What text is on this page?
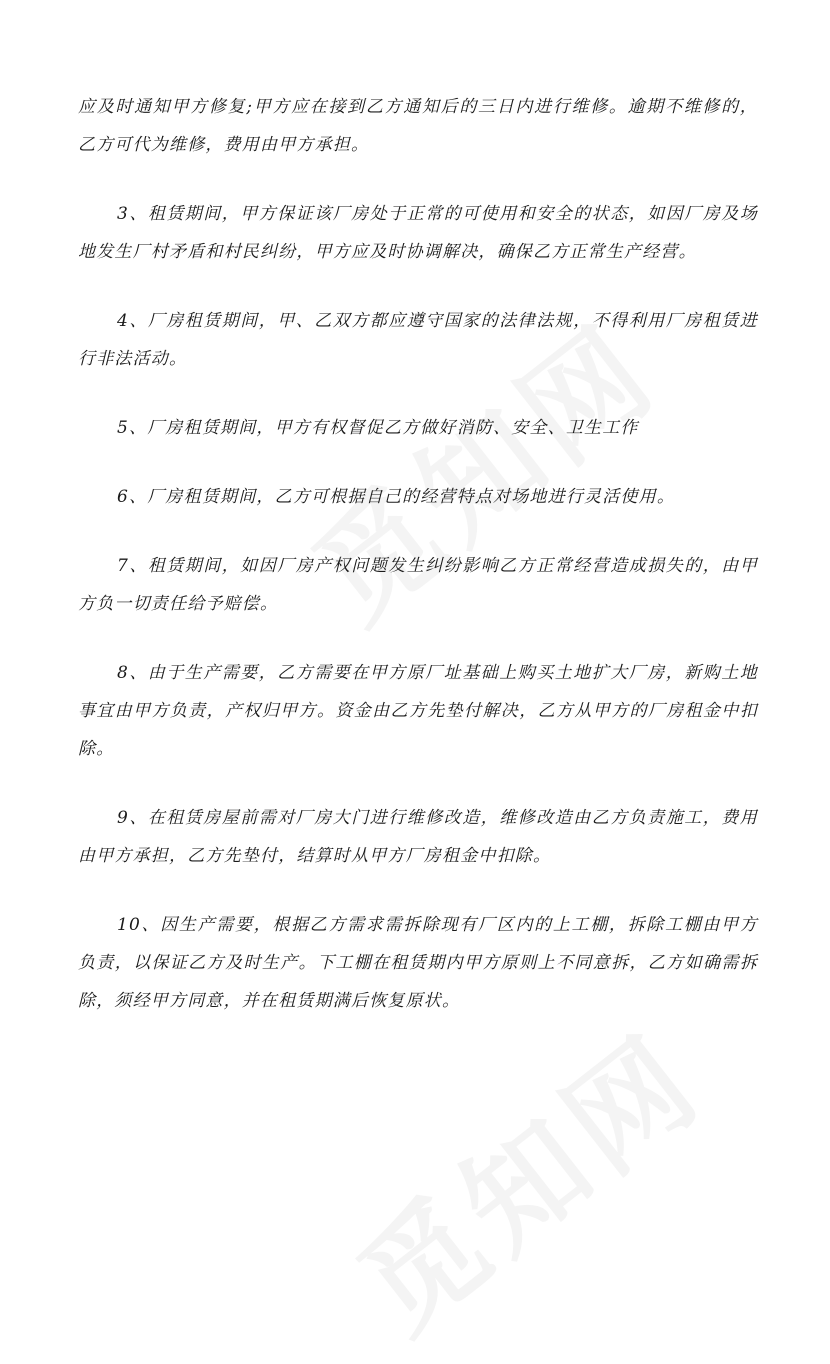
应及时通知甲方修复;甲方应在接到乙方通知后的三日内进行维修。逾期不维修的，乙方可代为维修，费用由甲方承担。

3、租赁期间，甲方保证该厂房处于正常的可使用和安全的状态，如因厂房及场地发生厂村矛盾和村民纠纷，甲方应及时协调解决，确保乙方正常生产经营。

4、厂房租赁期间，甲、乙双方都应遵守国家的法律法规，不得利用厂房租赁进行非法活动。

5、厂房租赁期间，甲方有权督促乙方做好消防、安全、卫生工作

6、厂房租赁期间，乙方可根据自己的经营特点对场地进行灵活使用。

7、租赁期间，如因厂房产权问题发生纠纷影响乙方正常经营造成损失的，由甲方负一切责任给予赔偿。

8、由于生产需要，乙方需要在甲方原厂址基础上购买土地扩大厂房，新购土地事宜由甲方负责，产权归甲方。资金由乙方先垫付解决，乙方从甲方的厂房租金中扣除。

9、在租赁房屋前需对厂房大门进行维修改造，维修改造由乙方负责施工，费用由甲方承担，乙方先垫付，结算时从甲方厂房租金中扣除。

10、因生产需要，根据乙方需求需拆除现有厂区内的上工棚，拆除工棚由甲方负责，以保证乙方及时生产。下工棚在租赁期内甲方原则上不同意拆，乙方如确需拆除，须经甲方同意，并在租赁期满后恢复原状。
